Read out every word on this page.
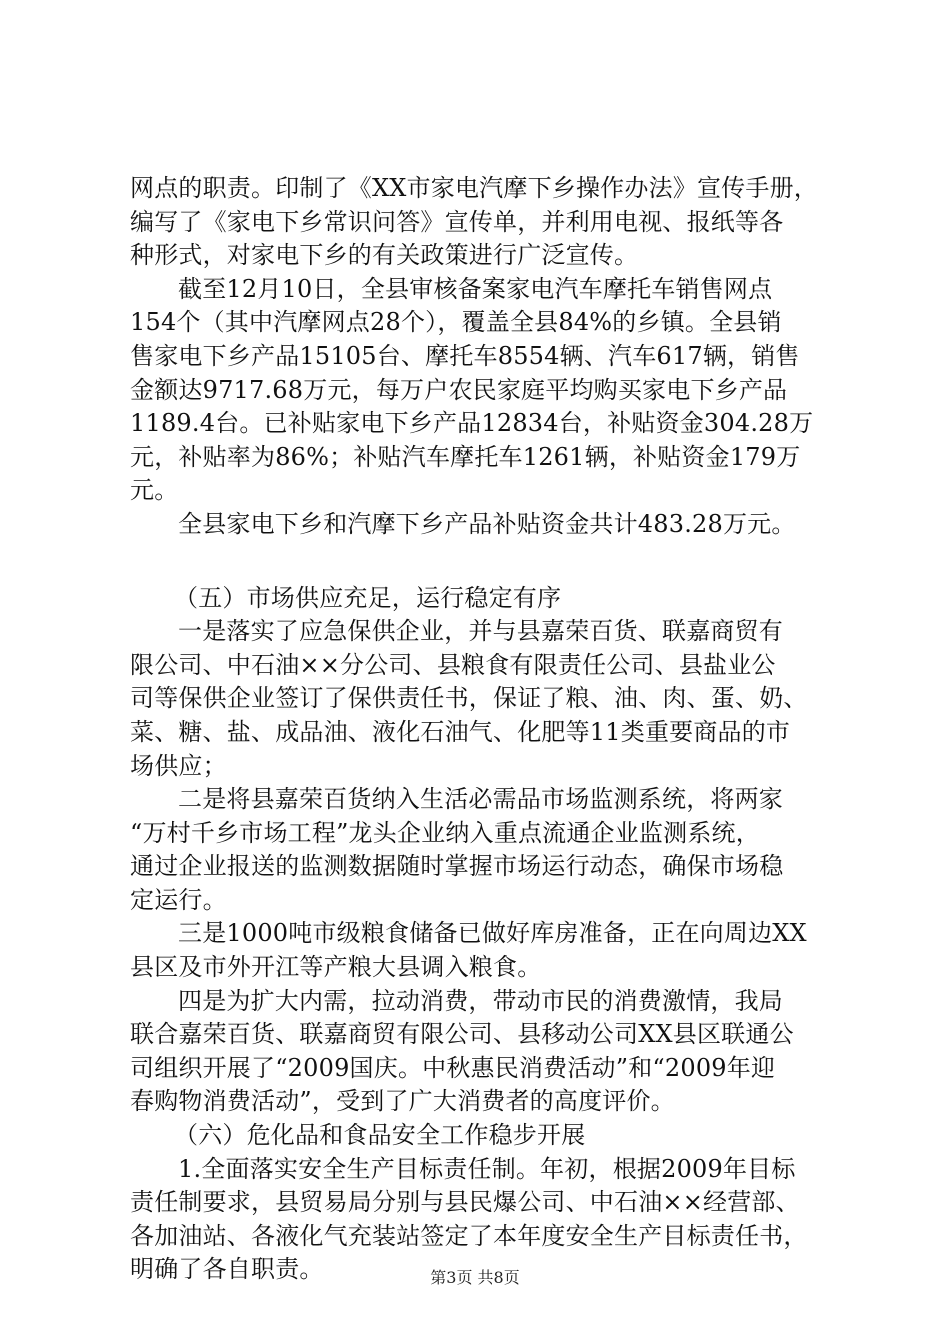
网点的职责。印制了《XX市家电汽摩下乡操作办法》宣传手册，
编写了《家电下乡常识问答》宣传单，并利用电视、报纸等各
种形式，对家电下乡的有关政策进行广泛宣传。
截至12月10日，全县审核备案家电汽车摩托车销售网点
154个（其中汽摩网点28个），覆盖全县84%的乡镇。全县销
售家电下乡产品15105台、摩托车8554辆、汽车617辆，销售
金额达9717.68万元，每万户农民家庭平均购买家电下乡产品
1189.4台。已补贴家电下乡产品12834台，补贴资金304.28万
元，补贴率为86%；补贴汽车摩托车1261辆，补贴资金179万
元。
全县家电下乡和汽摩下乡产品补贴资金共计483.28万元。
（五）市场供应充足，运行稳定有序
一是落实了应急保供企业，并与县嘉荣百货、联嘉商贸有
限公司、中石油××分公司、县粮食有限责任公司、县盐业公
司等保供企业签订了保供责任书，保证了粮、油、肉、蛋、奶、
菜、糖、盐、成品油、液化石油气、化肥等11类重要商品的市
场供应；
二是将县嘉荣百货纳入生活必需品市场监测系统，将两家
“万村千乡市场工程”龙头企业纳入重点流通企业监测系统，
通过企业报送的监测数据随时掌握市场运行动态，确保市场稳
定运行。
三是1000吨市级粮食储备已做好库房准备，正在向周边XX
县区及市外开江等产粮大县调入粮食。
四是为扩大内需，拉动消费，带动市民的消费激情，我局
联合嘉荣百货、联嘉商贸有限公司、县移动公司XX县区联通公
司组织开展了“2009国庆。中秋惠民消费活动”和“2009年迎
春购物消费活动”，受到了广大消费者的高度评价。
（六）危化品和食品安全工作稳步开展
1.全面落实安全生产目标责任制。年初，根据2009年目标
责任制要求，县贸易局分别与县民爆公司、中石油××经营部、
各加油站、各液化气充装站签定了本年度安全生产目标责任书，
明确了各自职责。	第3页 共8页
